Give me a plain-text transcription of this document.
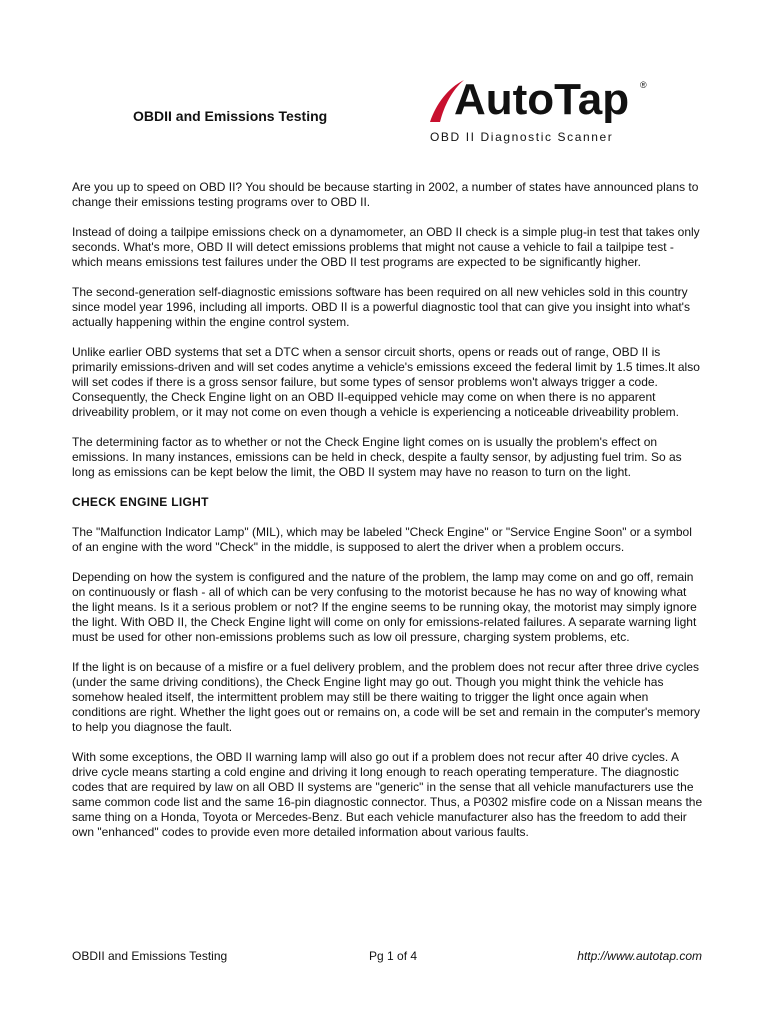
OBDII and Emissions Testing	AutoTap ®
OBD II Diagnostic Scanner

Are you up to speed on OBD II? You should be because starting in 2002, a number of states have announced plans to change their emissions testing programs over to OBD II.

Instead of doing a tailpipe emissions check on a dynamometer, an OBD II check is a simple plug-in test that takes only seconds. What's more, OBD II will detect emissions problems that might not cause a vehicle to fail a tailpipe test - which means emissions test failures under the OBD II test programs are expected to be significantly higher.

The second-generation self-diagnostic emissions software has been required on all new vehicles sold in this country since model year 1996, including all imports. OBD II is a powerful diagnostic tool that can give you insight into what's actually happening within the engine control system.

Unlike earlier OBD systems that set a DTC when a sensor circuit shorts, opens or reads out of range, OBD II is primarily emissions-driven and will set codes anytime a vehicle's emissions exceed the federal limit by 1.5 times.It also will set codes if there is a gross sensor failure, but some types of sensor problems won't always trigger a code. Consequently, the Check Engine light on an OBD II-equipped vehicle may come on when there is no apparent driveability problem, or it may not come on even though a vehicle is experiencing a noticeable driveability problem.

The determining factor as to whether or not the Check Engine light comes on is usually the problem's effect on emissions. In many instances, emissions can be held in check, despite a faulty sensor, by adjusting fuel trim. So as long as emissions can be kept below the limit, the OBD II system may have no reason to turn on the light.

CHECK ENGINE LIGHT

The "Malfunction Indicator Lamp" (MIL), which may be labeled "Check Engine" or "Service Engine Soon" or a symbol of an engine with the word "Check" in the middle, is supposed to alert the driver when a problem occurs.

Depending on how the system is configured and the nature of the problem, the lamp may come on and go off, remain on continuously or flash - all of which can be very confusing to the motorist because he has no way of knowing what the light means. Is it a serious problem or not? If the engine seems to be running okay, the motorist may simply ignore the light. With OBD II, the Check Engine light will come on only for emissions-related failures. A separate warning light must be used for other non-emissions problems such as low oil pressure, charging system problems, etc.

If the light is on because of a misfire or a fuel delivery problem, and the problem does not recur after three drive cycles (under the same driving conditions), the Check Engine light may go out. Though you might think the vehicle has somehow healed itself, the intermittent problem may still be there waiting to trigger the light once again when conditions are right. Whether the light goes out or remains on, a code will be set and remain in the computer's memory to help you diagnose the fault.

With some exceptions, the OBD II warning lamp will also go out if a problem does not recur after 40 drive cycles. A drive cycle means starting a cold engine and driving it long enough to reach operating temperature. The diagnostic codes that are required by law on all OBD II systems are "generic" in the sense that all vehicle manufacturers use the same common code list and the same 16-pin diagnostic connector. Thus, a P0302 misfire code on a Nissan means the same thing on a Honda, Toyota or Mercedes-Benz. But each vehicle manufacturer also has the freedom to add their own "enhanced" codes to provide even more detailed information about various faults.

OBDII and Emissions Testing	Pg 1 of 4	http://www.autotap.com
